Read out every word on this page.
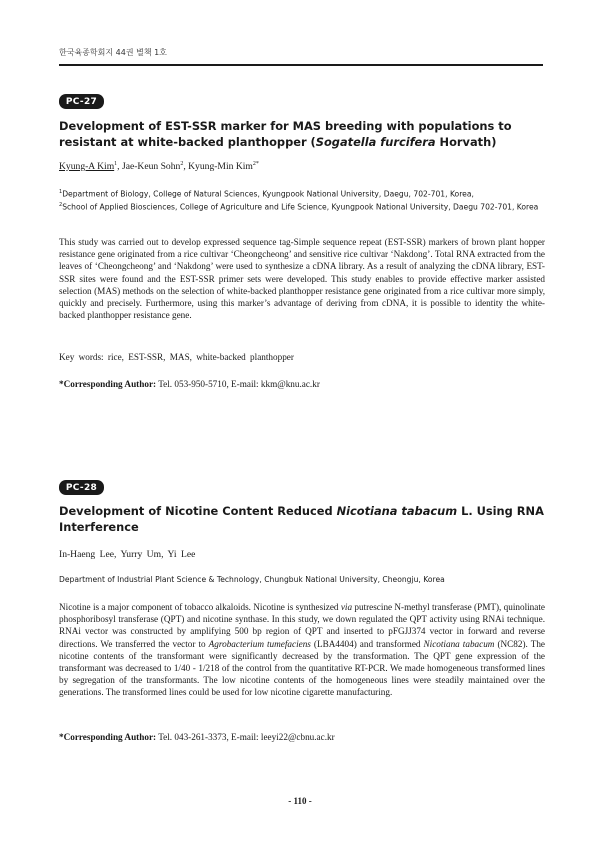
한국육종학회지 44권 별책 1호
PC-27
Development of EST-SSR marker for MAS breeding with populations to resistant at white-backed planthopper (Sogatella furcifera Horvath)
Kyung-A Kim$^1$, Jae-Keun Sohn$^2$, Kyung-Min Kim$^{2*}$
$^1$Department of Biology, College of Natural Sciences, Kyungpook National University, Daegu, 702-701, Korea,
$^2$School of Applied Biosciences, College of Agriculture and Life Science, Kyungpook National University, Daegu 702-701, Korea

This study was carried out to develop expressed sequence tag-Simple sequence repeat (EST-SSR) markers of brown plant hopper resistance gene originated from a rice cultivar ‘Cheongcheong’ and sensitive rice cultivar ‘Nakdong’. Total RNA extracted from the leaves of ‘Cheongcheong’ and ‘Nakdong’ were used to synthesize a cDNA library. As a result of analyzing the cDNA library, EST-SSR sites were found and the EST-SSR primer sets were developed. This study enables to provide effective marker assisted selection (MAS) methods on the selection of white-backed planthopper resistance gene originated from a rice cultivar more simply, quickly and precisely. Furthermore, using this marker’s advantage of deriving from cDNA, it is possible to identity the white-backed planthopper resistance gene.

Key words: rice, EST-SSR, MAS, white-backed planthopper
*Corresponding Author: Tel. 053-950-5710, E-mail: kkm@knu.ac.kr
PC-28
Development of Nicotine Content Reduced Nicotiana tabacum L. Using RNA Interference
In-Haeng Lee, Yurry Um, Yi Lee
Department of Industrial Plant Science & Technology, Chungbuk National University, Cheongju, Korea

Nicotine is a major component of tobacco alkaloids. Nicotine is synthesized via putrescine N-methyl transferase (PMT), quinolinate phosphoribosyl transferase (QPT) and nicotine synthase. In this study, we down regulated the QPT activity using RNAi technique. RNAi vector was constructed by amplifying 500 bp region of QPT and inserted to pFGJJ374 vector in forward and reverse directions. We transferred the vector to Agrobacterium tumefaciens (LBA4404) and transformed Nicotiana tabacum (NC82). The nicotine contents of the transformant were significantly decreased by the transformation. The QPT gene expression of the transformant was decreased to 1/40 - 1/218 of the control from the quantitative RT-PCR. We made homogeneous transformed lines by segregation of the transformants. The low nicotine contents of the homogeneous lines were steadily maintained over the generations. The transformed lines could be used for low nicotine cigarette manufacturing.

*Corresponding Author: Tel. 043-261-3373, E-mail: leeyi22@cbnu.ac.kr
- 110 -
